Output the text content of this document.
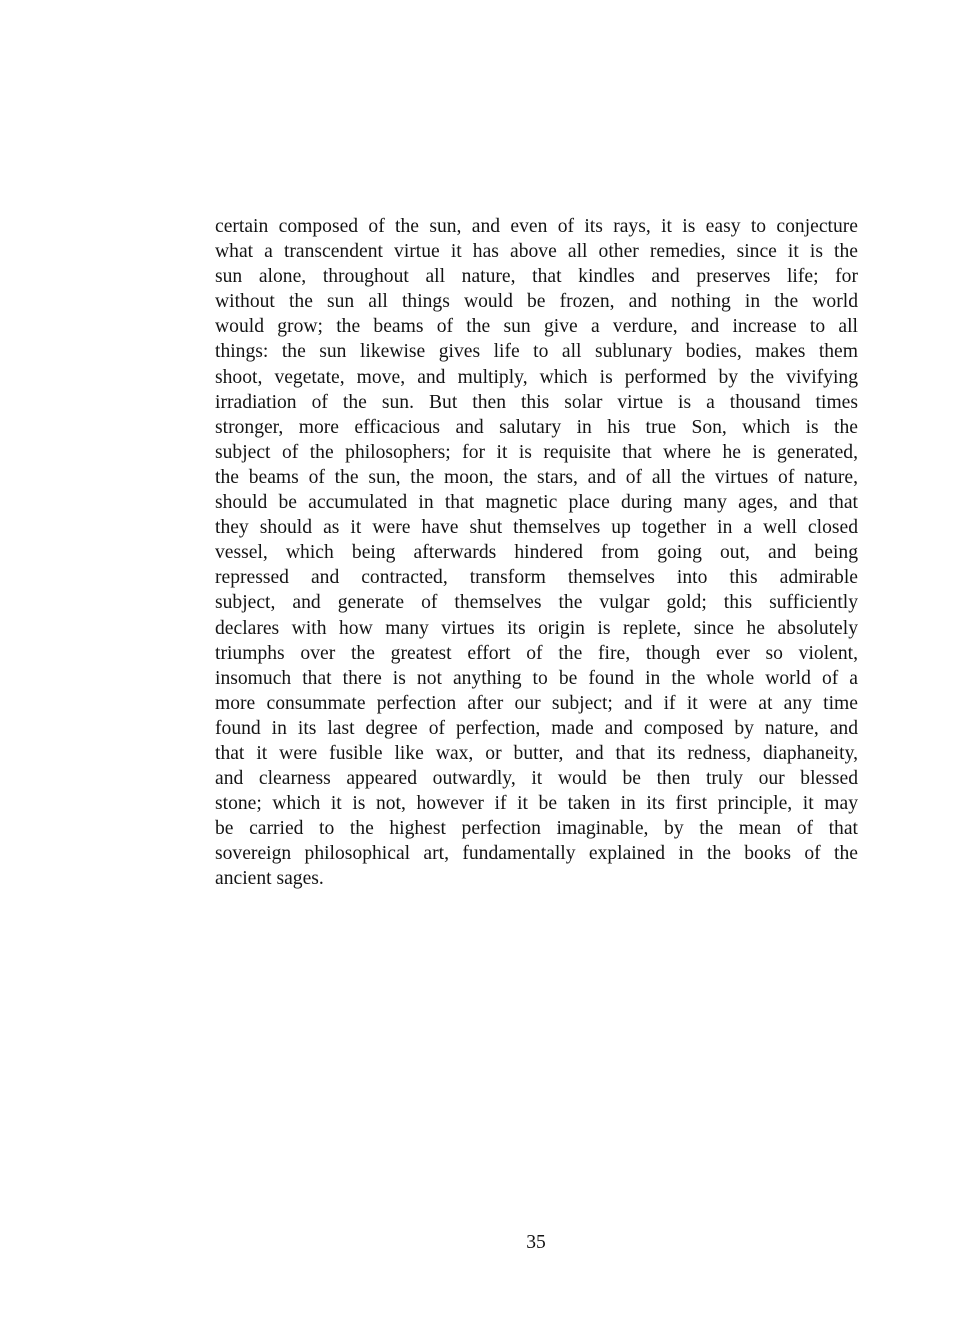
certain composed of the sun, and even of its rays, it is easy to conjecture
what a transcendent virtue it has above all other remedies, since it is the
sun alone, throughout all nature, that kindles and preserves life; for
without the sun all things would be frozen, and nothing in the world
would grow; the beams of the sun give a verdure, and increase to all
things: the sun likewise gives life to all sublunary bodies, makes them
shoot, vegetate, move, and multiply, which is performed by the vivifying
irradiation of the sun. But then this solar virtue is a thousand times
stronger, more efficacious and salutary in his true Son, which is the
subject of the philosophers; for it is requisite that where he is generated,
the beams of the sun, the moon, the stars, and of all the virtues of nature,
should be accumulated in that magnetic place during many ages, and that
they should as it were have shut themselves up together in a well closed
vessel, which being afterwards hindered from going out, and being
repressed and contracted, transform themselves into this admirable
subject, and generate of themselves the vulgar gold; this sufficiently
declares with how many virtues its origin is replete, since he absolutely
triumphs over the greatest effort of the fire, though ever so violent,
insomuch that there is not anything to be found in the whole world of a
more consummate perfection after our subject; and if it were at any time
found in its last degree of perfection, made and composed by nature, and
that it were fusible like wax, or butter, and that its redness, diaphaneity,
and clearness appeared outwardly, it would be then truly our blessed
stone; which it is not, however if it be taken in its first principle, it may
be carried to the highest perfection imaginable, by the mean of that
sovereign philosophical art, fundamentally explained in the books of the
ancient sages.
35
